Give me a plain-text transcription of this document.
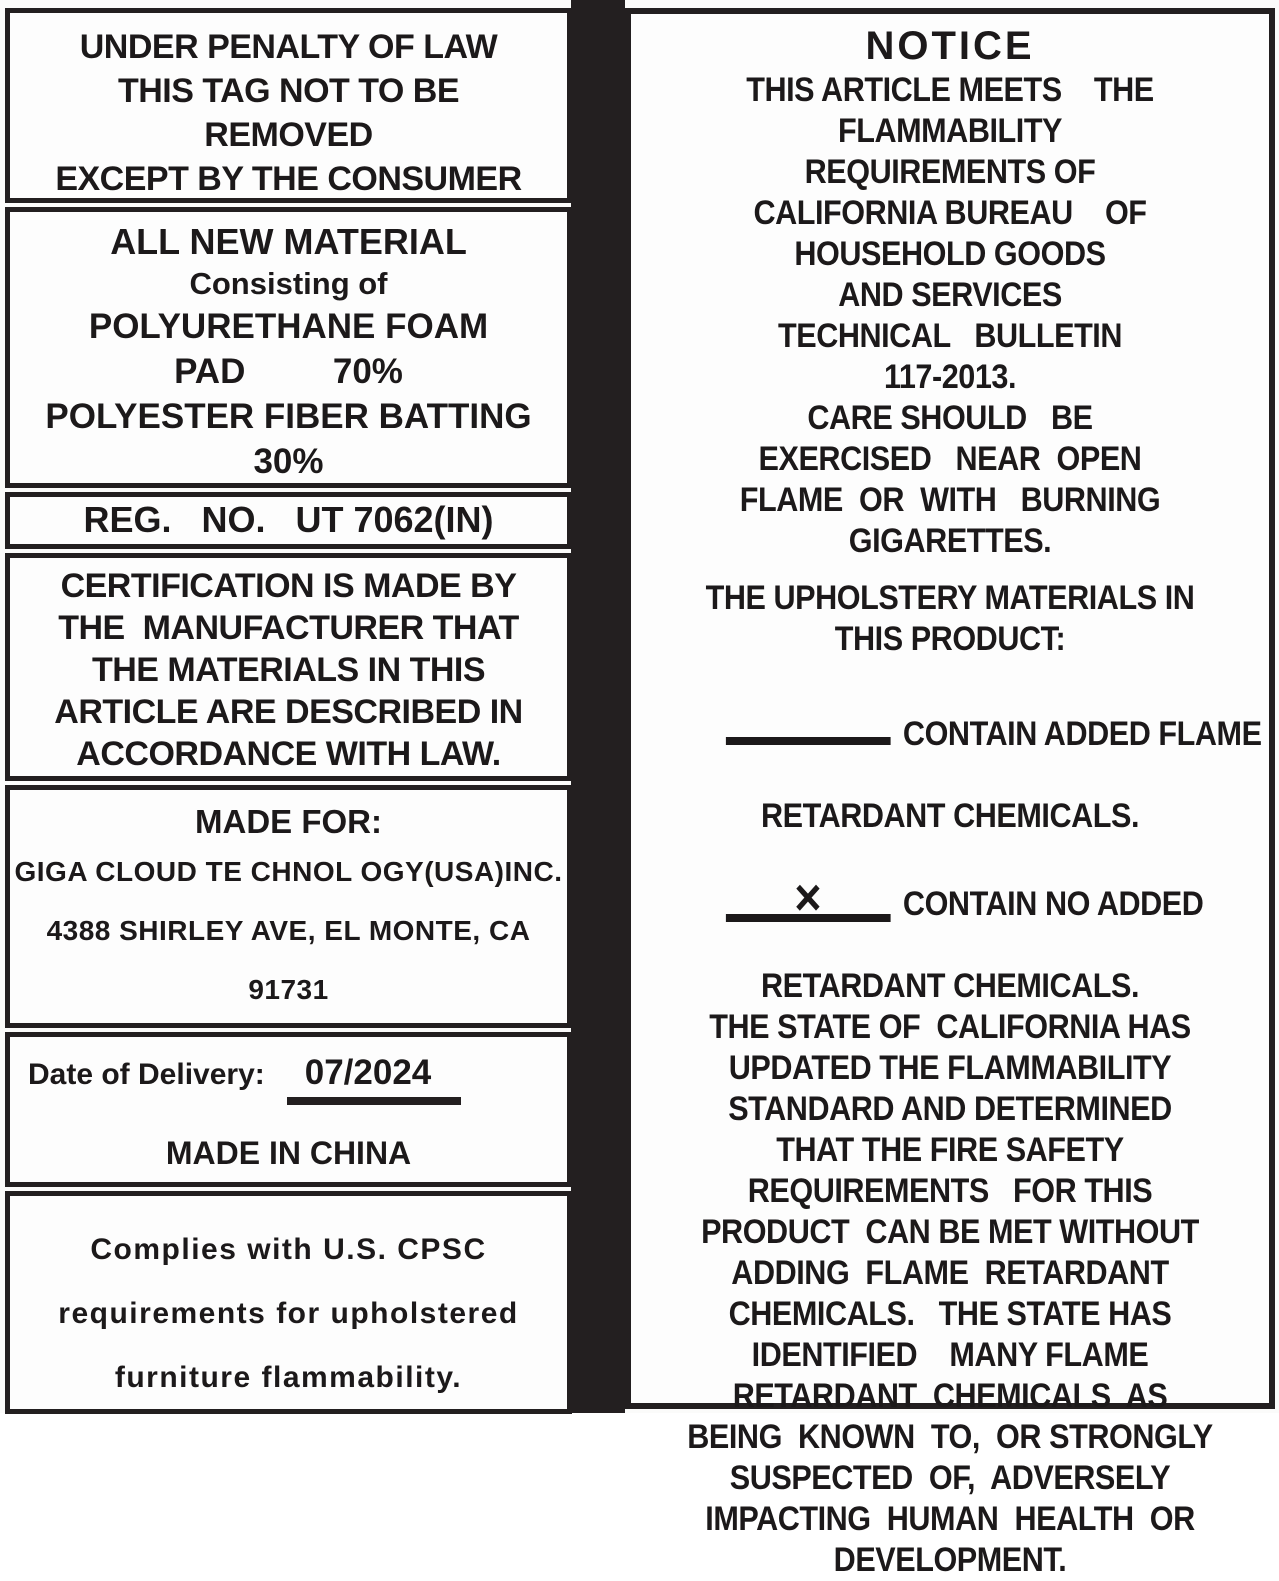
UNDER PENALTY OF LAW
THIS TAG NOT TO BE
REMOVED
EXCEPT BY THE CONSUMER
ALL NEW MATERIAL
Consisting of
POLYURETHANE FOAM
PAD         70%
POLYESTER FIBER BATTING
30%
REG.   NO.   UT 7062(IN)
CERTIFICATION IS MADE BY
THE  MANUFACTURER THAT
THE MATERIALS IN THIS
ARTICLE ARE DESCRIBED IN
ACCORDANCE WITH LAW.
MADE FOR:
GIGA CLOUD TE CHNOL OGY(USA)INC.
4388 SHIRLEY AVE, EL MONTE, CA
91731
Date of Delivery: 07/2024
MADE IN CHINA
Complies with U.S. CPSC
requirements for upholstered
furniture flammability.
NOTICE
THIS ARTICLE MEETS    THE
FLAMMABILITY
REQUIREMENTS OF
CALIFORNIA BUREAU    OF
HOUSEHOLD GOODS
AND SERVICES
TECHNICAL   BULLETIN
117-2013.
CARE SHOULD   BE
EXERCISED   NEAR  OPEN
FLAME  OR  WITH   BURNING
GIGARETTES.
THE UPHOLSTERY MATERIALS IN
THIS PRODUCT:

CONTAIN ADDED FLAME

RETARDANT CHEMICALS.

×	CONTAIN NO ADDED

RETARDANT CHEMICALS.
THE STATE OF  CALIFORNIA HAS
UPDATED THE FLAMMABILITY
STANDARD AND DETERMINED
THAT THE FIRE SAFETY
REQUIREMENTS   FOR THIS
PRODUCT  CAN BE MET WITHOUT
ADDING  FLAME  RETARDANT
CHEMICALS.   THE STATE HAS
IDENTIFIED    MANY FLAME
RETARDANT  CHEMICALS  AS
BEING  KNOWN  TO,  OR STRONGLY
SUSPECTED  OF,  ADVERSELY
IMPACTING  HUMAN  HEALTH  OR
DEVELOPMENT.
